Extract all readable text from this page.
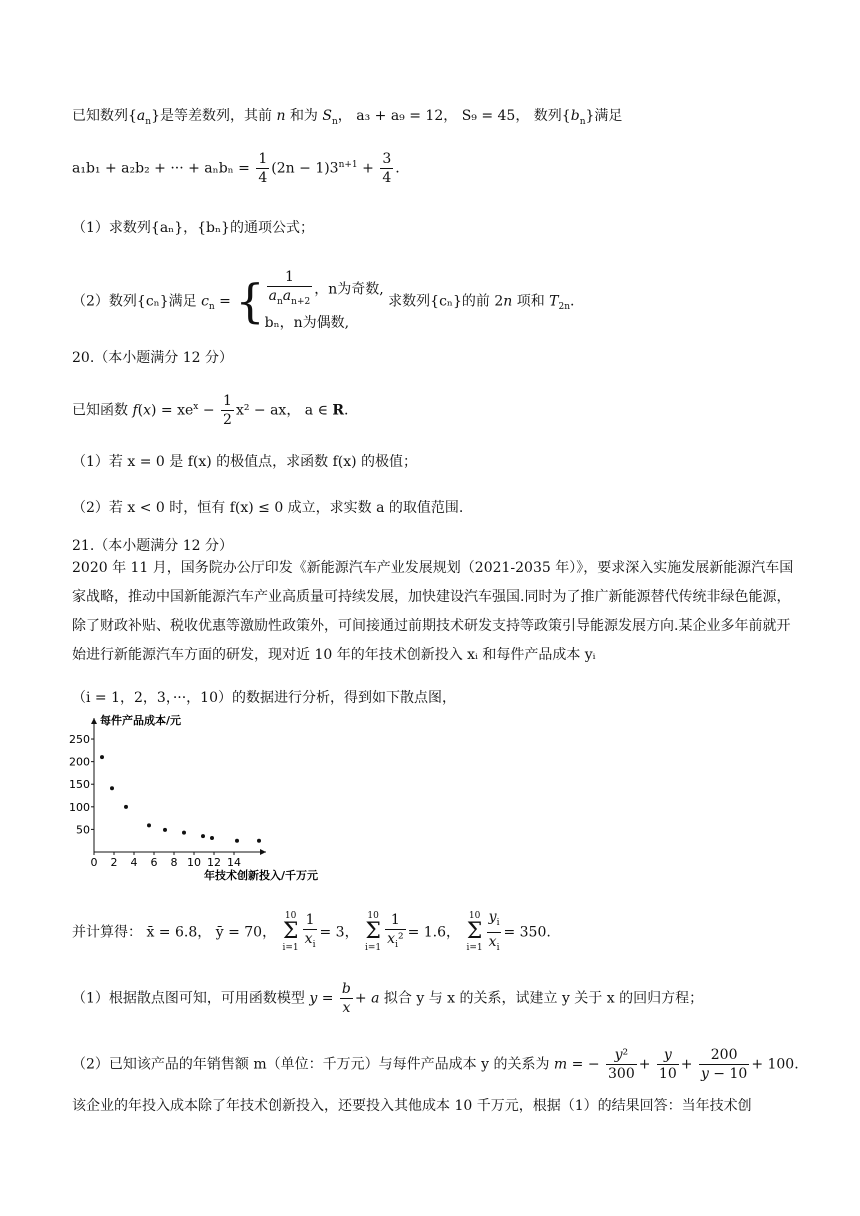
已知数列$\{a_n\}$是等差数列，其前 n 和为 $S_n$， a₃ + a₉ = 12， S₉ = 45， 数列$\{b_n\}$满足
a₁b₁ + a₂b₂ + ··· + $a_nb_n = \frac{1}{4} (2n - 1)3^{n+1} + \frac{3}{4}$ .
（1）求数列{aₙ}，{bₙ}的通项公式；
（2）数列{cₙ}满足 $c_n$ = { $\frac{1}{a_na_{n+2}}$ ，n为奇数,
bₙ，n为偶数,
求数列{cₙ}的前 2n 项和 $T_{2n}$.
20.（本小题满分 12 分）
已知函数 $f(x) = xe^x - \frac{1}{2} x^2$ − ax， a ∈ R.
（1）若 x = 0 是 f(x) 的极值点，求函数 f(x) 的极值；
（2）若 x < 0 时，恒有 f(x) ≤ 0 成立，求实数 a 的取值范围.
21.（本小题满分 12 分）
2020 年 11 月，国务院办公厅印发《新能源汽车产业发展规划（2021-2035 年）》，要求深入实施发展新能源汽车国家战略，推动中国新能源汽车产业高质量可持续发展，加快建设汽车强国.同时为了推广新能源替代传统非绿色能源，除了财政补贴、税收优惠等激励性政策外，可间接通过前期技术研发支持等政策引导能源发展方向.某企业多年前就开始进行新能源汽车方面的研发，现对近 10 年的年技术创新投入 xᵢ 和每件产品成本 yᵢ
（i = 1，2，3，···，10）的数据进行分析，得到如下散点图，
每件产品成本/元
年技术创新投入/千万元
50
100
150
200
250
0 2 4 6 8 10 12 14
并计算得： x̄ = 6.8， ȳ = 70， 10
Σ
$i=1 \frac{1}{x_i} = 3$， 10
Σ
$i=1 \frac{1}{x_i^2} = 1.6$， 10
Σ
$i=1 \frac{y_i}{x_i} = 350$.
（1）根据散点图可知，可用函数模型 $y = \frac{b}{x} + a$ 拟合 y 与 x 的关系，试建立 y 关于 x 的回归方程；
（2）已知该产品的年销售额 m（单位：千万元）与每件产品成本 y 的关系为 m = − $\frac{\text{y²}}{300} + \frac{y}{10} + \frac{200}{y - 10} + 100$.
该企业的年投入成本除了年技术创新投入，还要投入其他成本 10 千万元，根据（1）的结果回答：当年技术创
